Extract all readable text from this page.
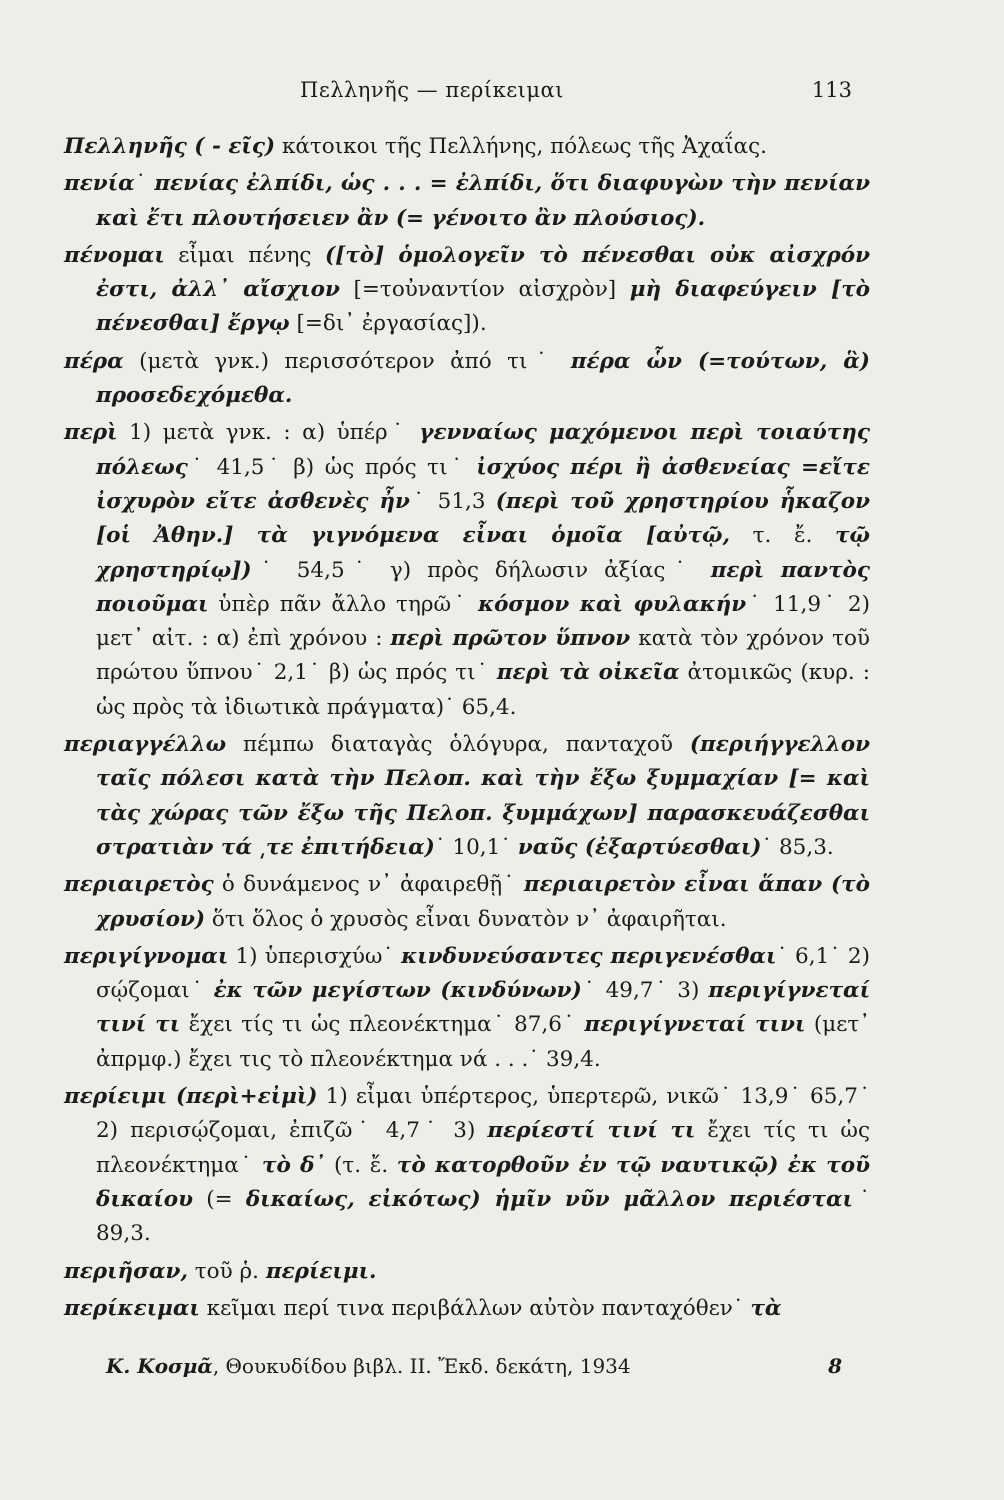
Πελληνῆς — περίκειμαι	113

Πελληνῆς ( - εῖς) κάτοικοι τῆς Πελλήνης, πόλεως τῆς Ἀχαΐας.

πενία˙ πενίας ἐλπίδι, ὡς . . . = ἐλπίδι, ὅτι διαφυγὼν τὴν πενίαν καὶ ἔτι πλουτήσειεν ἂν (= γένοιτο ἂν πλούσιος).

πένομαι εἶμαι πένης ([τὸ] ὁμολογεῖν τὸ πένεσθαι οὐκ αἰσχρόν ἐστι, ἀλλ᾽ αἴσχιον [=τοὐναντίον αἰσχρὸν] μὴ διαφεύγειν [τὸ πένεσθαι] ἔργῳ [=δι᾽ ἐργασίας]).

πέρα (μετὰ γνκ.) περισσότερον ἀπό τι˙ πέρα ὧν (=τούτων, ἃ) προσεδεχόμεθα.

περὶ 1) μετὰ γνκ. : α) ὑπέρ˙ γενναίως μαχόμενοι περὶ τοιαύτης πόλεως˙ 41,5˙ β) ὡς πρός τι˙ ἰσχύος πέρι ἢ ἀσθενείας =εἴτε ἰσχυρὸν εἴτε ἀσθενὲς ἦν˙ 51,3 (περὶ τοῦ χρηστηρίου ἧκαζον [οἱ Ἀθην.] τὰ γιγνόμενα εἶναι ὁμοῖα [αὐτῷ, τ. ἔ. τῷ χρηστηρίῳ])˙ 54,5˙ γ) πρὸς δήλωσιν ἀξίας˙ περὶ παντὸς ποιοῦμαι ὑπὲρ πᾶν ἄλλο τηρῶ˙ κόσμον καὶ φυλακήν˙ 11,9˙ 2) μετ᾽ αἰτ. : α) ἐπὶ χρόνου : περὶ πρῶτον ὕπνον κατὰ τὸν χρόνον τοῦ πρώτου ὕπνου˙ 2,1˙ β) ὡς πρός τι˙ περὶ τὰ οἰκεῖα ἀτομικῶς (κυρ. : ὡς πρὸς τὰ ἰδιωτικὰ πράγματα)˙ 65,4.

περιαγγέλλω πέμπω διαταγὰς ὁλόγυρα, πανταχοῦ (περιήγγελλον ταῖς πόλεσι κατὰ τὴν Πελοπ. καὶ τὴν ἔξω ξυμμαχίαν [= καὶ τὰς χώρας τῶν ἔξω τῆς Πελοπ. ξυμμάχων] παρασκευάζεσθαι στρατιὰν τά ͵τε ἐπιτήδεια)˙ 10,1˙ ναῦς (ἐξαρτύεσθαι)˙ 85,3.

περιαιρετὸς ὁ δυνάμενος ν᾽ ἀφαιρεθῇ˙ περιαιρετὸν εἶναι ἅπαν (τὸ χρυσίον) ὅτι ὅλος ὁ χρυσὸς εἶναι δυνατὸν ν᾽ ἀφαιρῆται.

περιγίγνομαι 1) ὑπερισχύω˙ κινδυνεύσαντες περιγενέσθαι˙ 6,1˙ 2) σῴζομαι˙ ἐκ τῶν μεγίστων (κινδύνων)˙ 49,7˙ 3) περιγίγνεταί τινί τι ἔχει τίς τι ὡς πλεονέκτημα˙ 87,6˙ περιγίγνεταί τινι (μετ᾽ ἀπρμφ.) ἔχει τις τὸ πλεονέκτημα νά . . .˙ 39,4.

περίειμι (περὶ+εἰμὶ) 1) εἶμαι ὑπέρτερος, ὑπερτερῶ, νικῶ˙ 13,9˙ 65,7˙ 2) περισῴζομαι, ἐπιζῶ˙ 4,7˙ 3) περίεστί τινί τι ἔχει τίς τι ὡς πλεονέκτημα˙ τὸ δ᾽ (τ. ἔ. τὸ κατορθοῦν ἐν τῷ ναυτικῷ) ἐκ τοῦ δικαίου (= δικαίως, εἰκότως) ἡμῖν νῦν μᾶλλον περιέσται˙ 89,3.

περιῆσαν, τοῦ ῥ. περίειμι.

περίκειμαι κεῖμαι περί τινα περιβάλλων αὐτὸν πανταχόθεν˙ τὰ

Κ. Κοσμᾶ, Θουκυδίδου βιβλ. ΙΙ. Ἔκδ. δεκάτη, 1934	8
